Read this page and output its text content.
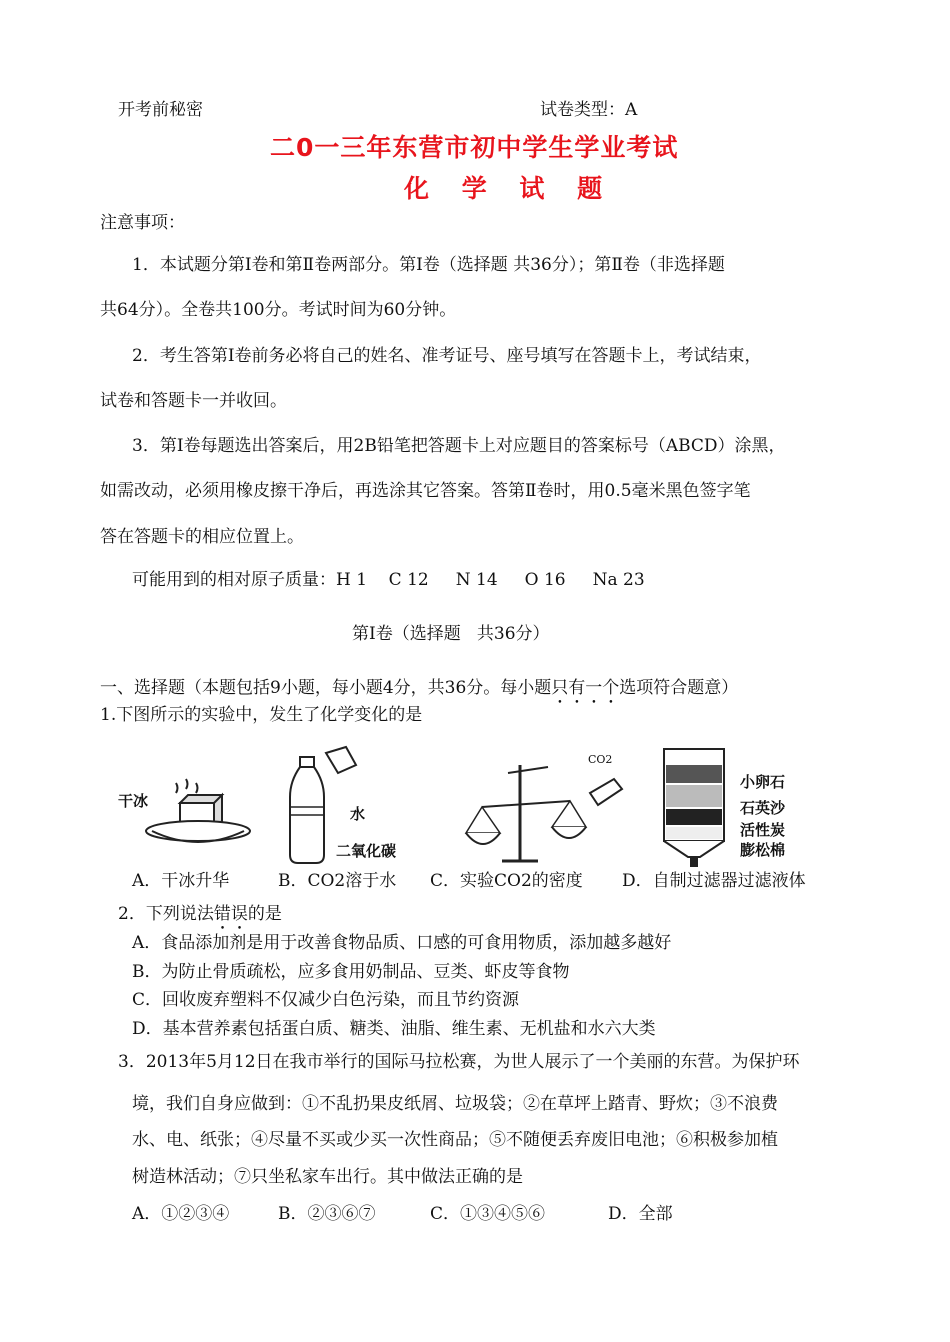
开考前秘密	试卷类型：A
二0一三年东营市初中学生学业考试
化 学 试 题
注意事项：
1．本试题分第Ⅰ卷和第Ⅱ卷两部分。第Ⅰ卷（选择题 共36分）；第Ⅱ卷（非选择题
共64分）。全卷共100分。考试时间为60分钟。
2．考生答第Ⅰ卷前务必将自己的姓名、准考证号、座号填写在答题卡上，考试结束，
试卷和答题卡一并收回。
3．第Ⅰ卷每题选出答案后，用2B铅笔把答题卡上对应题目的答案标号（ABCD）涂黑，
如需改动，必须用橡皮擦干净后，再选涂其它答案。答第Ⅱ卷时，用0.5毫米黑色签字笔
答在答题卡的相应位置上。
可能用到的相对原子质量：H 1    C 12     N 14     O 16     Na 23
第Ⅰ卷（选择题   共36分）
一、选择题（本题包括9小题，每小题4分，共36分。每小题只有一个选项符合题意）
1.下图所示的实验中，发生了化学变化的是
干冰
水
二氧化碳
CO2
小卵石
石英沙
活性炭
膨松棉
A．干冰升华	B．CO2溶于水 C．实验CO2的密度 D．自制过滤器过滤液体
2．下列说法错误的是
A．食品添加剂是用于改善食物品质、口感的可食用物质，添加越多越好
B．为防止骨质疏松，应多食用奶制品、豆类、虾皮等食物
C．回收废弃塑料不仅减少白色污染，而且节约资源
D．基本营养素包括蛋白质、糖类、油脂、维生素、无机盐和水六大类
3．2013年5月12日在我市举行的国际马拉松赛，为世人展示了一个美丽的东营。为保护环
境，我们自身应做到：①不乱扔果皮纸屑、垃圾袋；②在草坪上踏青、野炊；③不浪费
水、电、纸张；④尽量不买或少买一次性商品；⑤不随便丢弃废旧电池；⑥积极参加植
树造林活动；⑦只坐私家车出行。其中做法正确的是
A．①②③④	B．②③⑥⑦	C．①③④⑤⑥	D．全部
